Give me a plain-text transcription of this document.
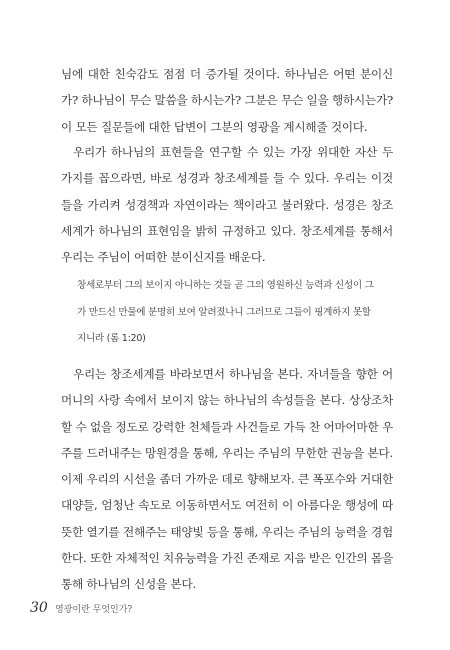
님에 대한 친숙감도 점점 더 증가될 것이다. 하나님은 어떤 분이신가? 하나님이 무슨 말씀을 하시는가? 그분은 무슨 일을 행하시는가? 이 모든 질문들에 대한 답변이 그분의 영광을 계시해줄 것이다.

우리가 하나님의 표현들을 연구할 수 있는 가장 위대한 자산 두 가지를 꼽으라면, 바로 성경과 창조세계를 들 수 있다. 우리는 이것들을 가리켜 성경책과 자연이라는 책이라고 불러왔다. 성경은 창조세계가 하나님의 표현임을 밝히 규정하고 있다. 창조세계를 통해서 우리는 주님이 어떠한 분이신지를 배운다.

창세로부터 그의 보이지 아니하는 것들 곧 그의 영원하신 능력과 신성이 그가 만드신 만물에 분명히 보여 알려졌나니 그러므로 그들이 핑계하지 못할지니라 (롬 1:20)

우리는 창조세계를 바라보면서 하나님을 본다. 자녀들을 향한 어머니의 사랑 속에서 보이지 않는 하나님의 속성들을 본다. 상상조차 할 수 없을 정도로 강력한 천체들과 사건들로 가득 찬 어마어마한 우주를 드러내주는 망원경을 통해, 우리는 주님의 무한한 권능을 본다. 이제 우리의 시선을 좀더 가까운 데로 향해보자. 큰 폭포수와 거대한 대양들, 엄청난 속도로 이동하면서도 여전히 이 아름다운 행성에 따뜻한 열기를 전해주는 태양빛 등을 통해, 우리는 주님의 능력을 경험한다. 또한 자체적인 치유능력을 가진 존재로 지음 받은 인간의 몸을 통해 하나님의 신성을 본다.

30 영광이란 무엇인가?
